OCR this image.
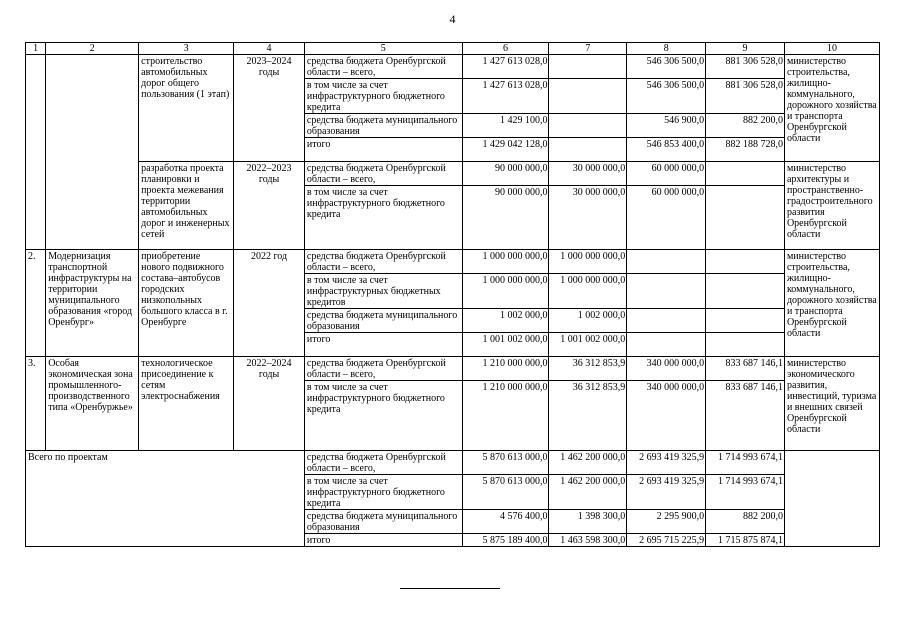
4
1	2	3	4	5	6	7	8	9	10
		строительство автомобильных дорог общего пользования (1 этап)	2023–2024 годы	средства бюджета Оренбургской области – всего,	1 427 613 028,0		546 306 500,0	881 306 528,0	министерство строительства, жилищно-коммунального, дорожного хозяйства и транспорта Оренбургской области
				в том числе за счет инфраструктурного бюджетного кредита	1 427 613 028,0		546 306 500,0	881 306 528,0	
				средства бюджета муниципального образования	1 429 100,0		546 900,0	882 200,0	
				итого	1 429 042 128,0		546 853 400,0	882 188 728,0	
		разработка проекта планировки и проекта межевания территории автомобильных дорог и инженерных сетей	2022–2023 годы	средства бюджета Оренбургской области – всего,	90 000 000,0	30 000 000,0	60 000 000,0		министерство архитектуры и пространственно-градостроительного развития Оренбургской области
				в том числе за счет инфраструктурного бюджетного кредита	90 000 000,0	30 000 000,0	60 000 000,0		
2.	Модернизация транспортной инфраструктуры на территории муниципального образования «город Оренбург»	приобретение нового подвижного состава–автобусов городских низкопольных большого класса в г. Оренбурге	2022 год	средства бюджета Оренбургской области – всего,	1 000 000 000,0	1 000 000 000,0			министерство строительства, жилищно-коммунального, дорожного хозяйства и транспорта Оренбургской области
				в том числе за счет инфраструктурных бюджетных кредитов	1 000 000 000,0	1 000 000 000,0			
				средства бюджета муниципального образования	1 002 000,0	1 002 000,0			
				итого	1 001 002 000,0	1 001 002 000,0			
3.	Особая экономическая зона промышленного-производственного типа «Оренбуржье»	технологическое присоединение к сетям электроснабжения	2022–2024 годы	средства бюджета Оренбургской области – всего,	1 210 000 000,0	36 312 853,9	340 000 000,0	833 687 146,1	министерство экономического развития, инвестиций, туризма и внешних связей Оренбургской области
				в том числе за счет инфраструктурного бюджетного кредита	1 210 000 000,0	36 312 853,9	340 000 000,0	833 687 146,1	
Всего по проектам				средства бюджета Оренбургской области – всего,	5 870 613 000,0	1 462 200 000,0	2 693 419 325,9	1 714 993 674,1	
				в том числе за счет инфраструктурного бюджетного кредита	5 870 613 000,0	1 462 200 000,0	2 693 419 325,9	1 714 993 674,1	
				средства бюджета муниципального образования	4 576 400,0	1 398 300,0	2 295 900,0	882 200,0	
				итого	5 875 189 400,0	1 463 598 300,0	2 695 715 225,9	1 715 875 874,1	
